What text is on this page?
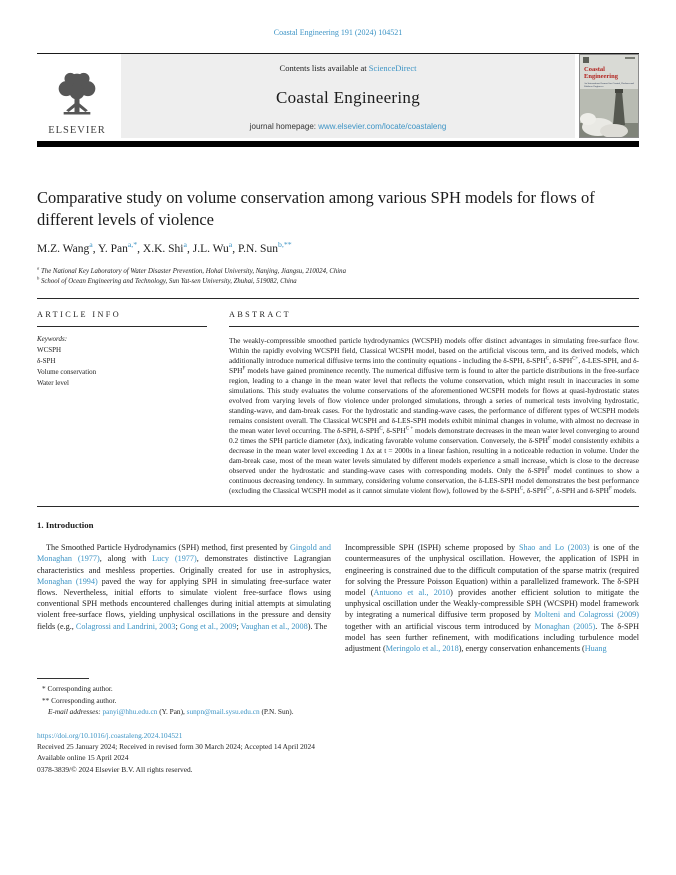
Coastal Engineering 191 (2024) 104521
ELSEVIER
Contents lists available at ScienceDirect
Coastal Engineering
journal homepage: www.elsevier.com/locate/coastaleng
Coastal
Engineering
An International Journal for Coastal, Harbour and Offshore Engineers
Comparative study on volume conservation among various SPH models for flows of different levels of violence
M.Z. Wang$^a$, Y. Pan$^{a,*}$, X.K. Shi$^a$, J.L. Wu$^a$, P.N. Sun$^{b,**}$
$^a$ The National Key Laboratory of Water Disaster Prevention, Hohai University, Nanjing, Jiangsu, 210024, China
$^b$ School of Ocean Engineering and Technology, Sun Yat-sen University, Zhuhai, 519082, China
ARTICLE INFO
Keywords:
WCSPH
δ-SPH
Volume conservation
Water level
ABSTRACT

The weakly-compressible smoothed particle hydrodynamics (WCSPH) models offer distinct advantages in simulating free-surface flow. Within the rapidly evolving WCSPH field, Classical WCSPH model, based on the artificial viscous term, and its derived models, which additionally introduce numerical diffusive terms into the continuity equations - including the δ-SPH, $\delta-SPH^C$, $\delta-SPH^{C+}$, δ-LES-SPH, and $\delta-SPH^F$ models have gained prominence recently. The numerical diffusive term is found to alter the particle distributions in the free-surface region, leading to a change in the mean water level that reflects the volume conservation, which might result in inaccuracies in some simulations. This study evaluates the volume conservations of the aforementioned WCSPH models for flows at quasi-hydrostatic states evolved from varying levels of flow violence under prolonged simulations, through a series of numerical tests involving hydrostatic, standing-wave, and dam-break cases. For the hydrostatic and standing-wave cases, the performance of different types of WCSPH models remains consistent overall. The Classical WCSPH and δ-LES-SPH models exhibit minimal changes in volume, with almost no decrease in the mean water level occurring. The δ-SPH, $\delta-SPH^C$, $\delta-SPH^{C +}$ models demonstrate decreases in the mean water level converging to around 0.2 times the SPH particle diameter (Δx), indicating favorable volume conservation. Conversely, the $\delta-SPH^F$ model consistently exhibits a decrease in the mean water level exceeding 1 Δx at t = 2000s in a linear fashion, resulting in a noticeable reduction in volume. Under the dam-break case, most of the mean water levels simulated by different models experience a small increase, which is close to the decrease observed under the hydrostatic and standing-wave cases with corresponding models. Only the $\delta-SPH^F$ model continues to show a continuous decreasing tendency. In summary, considering volume conservation, the δ-LES-SPH model demonstrates the best performance (excluding the Classical WCSPH model as it cannot simulate violent flow), followed by the $\delta-SPH^C$, $\delta-SPH^{C+}$, δ-SPH and $\delta-SPH^F$ models.

1. Introduction

The Smoothed Particle Hydrodynamics (SPH) method, first presented by Gingold and Monaghan (1977), along with Lucy (1977), demonstrates distinctive Lagrangian characteristics and meshless properties. Originally created for use in astrophysics, Monaghan (1994) paved the way for applying SPH in simulating free-surface water flows. Nevertheless, initial efforts to simulate violent free-surface flows using conventional SPH methods encountered challenges during initial attempts at simulating violent free-surface flows, yielding unphysical oscillations in the pressure and density fields (e.g., Colagrossi and Landrini, 2003; Gong et al., 2009; Vaughan et al., 2008). The

Incompressible SPH (ISPH) scheme proposed by Shao and Lo (2003) is one of the countermeasures of the unphysical oscillation. However, the application of ISPH in engineering is constrained due to the difficult computation of the sparse matrix (required for solving the Pressure Poisson Equation) within a parallelized framework. The δ-SPH model (Antuono et al., 2010) provides another efficient solution to mitigate the unphysical oscillation under the Weakly-compressible SPH (WCSPH) model framework by integrating a numerical diffusive term proposed by Molteni and Colagrossi (2009) together with an artificial viscous term introduced by Monaghan (2005). The δ-SPH model has seen further refinement, with modifications including turbulence model adjustment (Meringolo et al., 2018), energy conservation enhancements (Huang

* Corresponding author.
** Corresponding author.
E-mail addresses: panyi@hhu.edu.cn (Y. Pan), sunpn@mail.sysu.edu.cn (P.N. Sun).
https://doi.org/10.1016/j.coastaleng.2024.104521
Received 25 January 2024; Received in revised form 30 March 2024; Accepted 14 April 2024
Available online 15 April 2024
0378-3839/© 2024 Elsevier B.V. All rights reserved.
